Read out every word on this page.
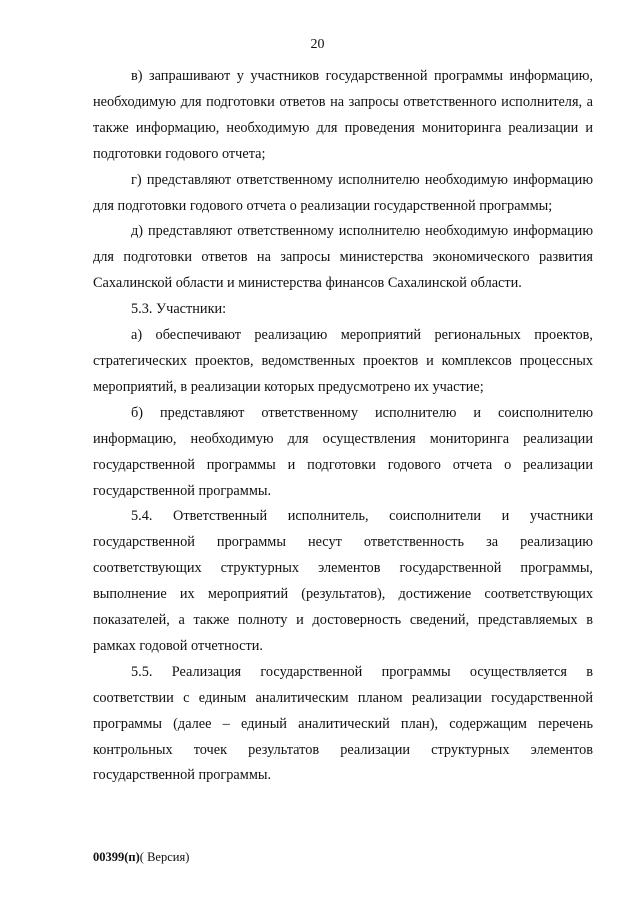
20

в) запрашивают у участников государственной программы информацию, необходимую для подготовки ответов на запросы ответственного исполнителя, а также информацию, необходимую для проведения мониторинга реализации и подготовки годового отчета;

г) представляют ответственному исполнителю необходимую информацию для подготовки годового отчета о реализации государственной программы;

д) представляют ответственному исполнителю необходимую информацию для подготовки ответов на запросы министерства экономического развития Сахалинской области и министерства финансов Сахалинской области.

5.3. Участники:

а) обеспечивают реализацию мероприятий региональных проектов, стратегических проектов, ведомственных проектов и комплексов процессных мероприятий, в реализации которых предусмотрено их участие;

б) представляют ответственному исполнителю и соисполнителю информацию, необходимую для осуществления мониторинга реализации государственной программы и подготовки годового отчета о реализации государственной программы.

5.4. Ответственный исполнитель, соисполнители и участники государственной программы несут ответственность за реализацию соответствующих структурных элементов государственной программы, выполнение их мероприятий (результатов), достижение соответствующих показателей, а также полноту и достоверность сведений, представляемых в рамках годовой отчетности.

5.5. Реализация государственной программы осуществляется в соответствии с единым аналитическим планом реализации государственной программы (далее – единый аналитический план), содержащим перечень контрольных точек результатов реализации структурных элементов государственной программы.

00399(п)( Версия)
